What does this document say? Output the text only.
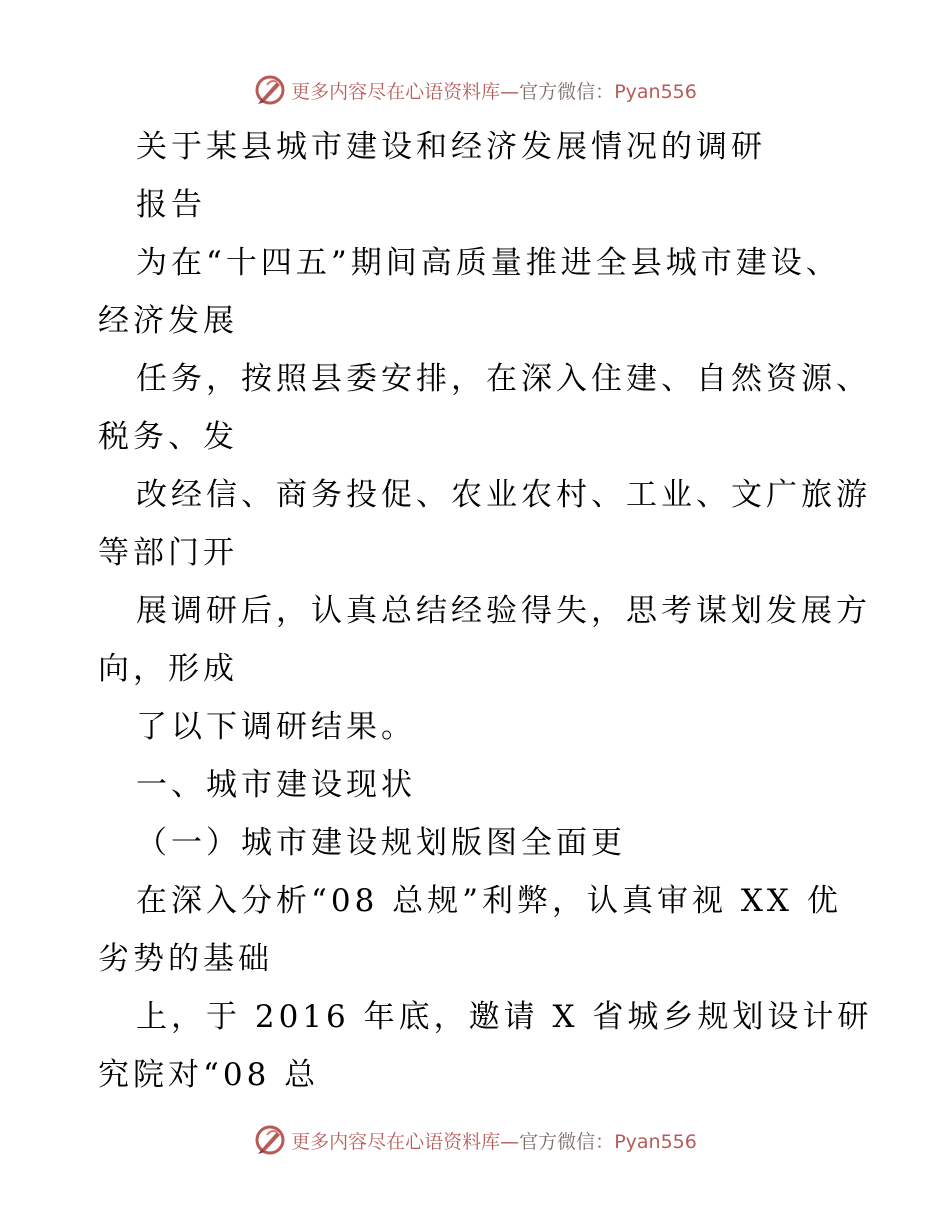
更多内容尽在心语资料库—官方微信：Pyan556

关于某县城市建设和经济发展情况的调研

报告

为在“十四五”期间高质量推进全县城市建设、
经济发展

任务，按照县委安排，在深入住建、自然资源、
税务、发

改经信、商务投促、农业农村、工业、文广旅游
等部门开

展调研后，认真总结经验得失，思考谋划发展方
向，形成

了以下调研结果。

一、城市建设现状

（一）城市建设规划版图全面更

在深入分析“08 总规”利弊，认真审视 XX 优
劣势的基础

上，于 2016 年底，邀请 X 省城乡规划设计研
究院对“08 总

更多内容尽在心语资料库—官方微信：Pyan556
